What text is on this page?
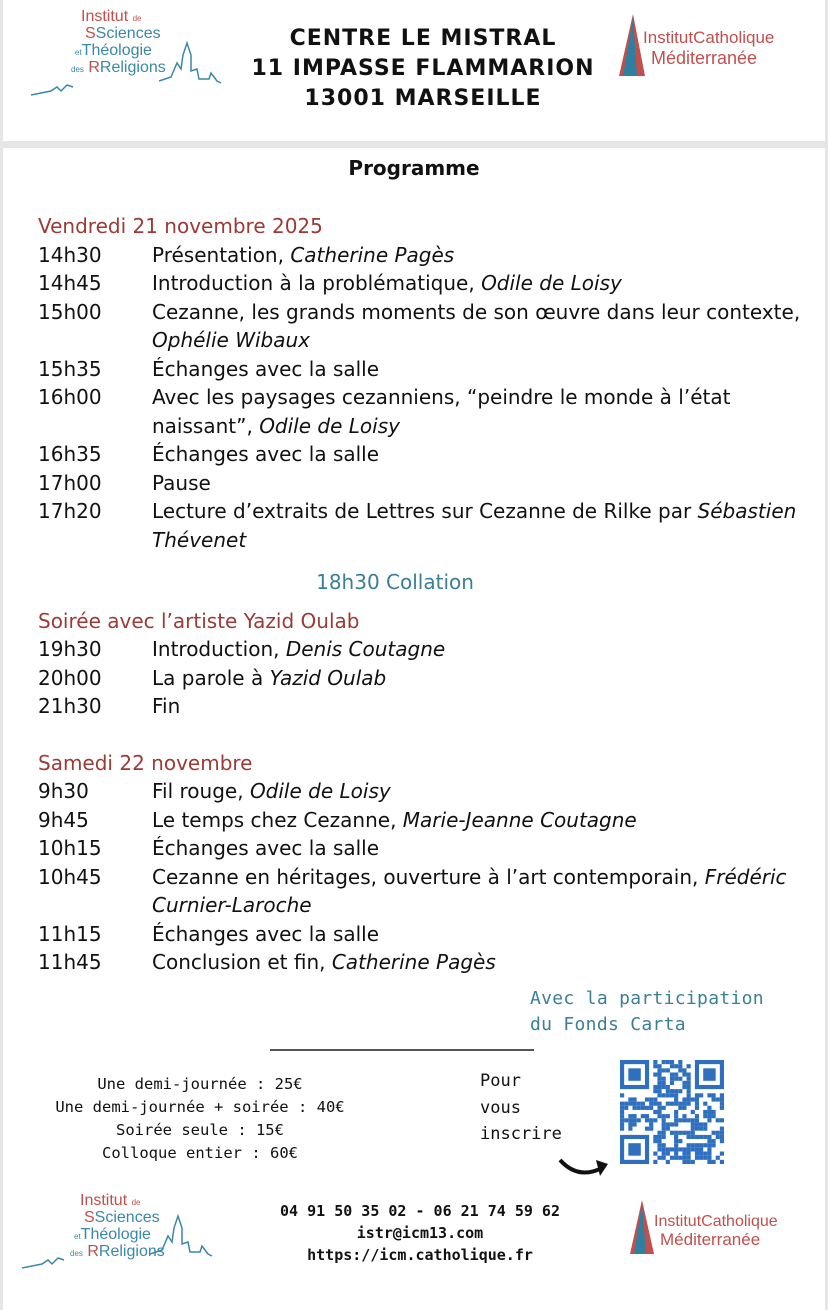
Institut de
SSciences
etThéologie
des RReligions
CENTRE LE MISTRAL
11 IMPASSE FLAMMARION
13001 MARSEILLE
InstitutCatholique
Méditerranée
Programme
Vendredi 21 novembre 2025
14h30	Présentation, Catherine Pagès
14h45	Introduction à la problématique, Odile de Loisy
15h00	Cezanne, les grands moments de son œuvre dans leur contexte, Ophélie Wibaux
15h35	Échanges avec la salle
16h00	Avec les paysages cezanniens, “peindre le monde à l’état naissant”, Odile de Loisy
16h35	Échanges avec la salle
17h00	Pause
17h20	Lecture d’extraits de Lettres sur Cezanne de Rilke par Sébastien Thévenet
18h30 Collation
Soirée avec l’artiste Yazid Oulab
19h30	Introduction, Denis Coutagne
20h00	La parole à Yazid Oulab
21h30	Fin
Samedi 22 novembre
9h30	Fil rouge, Odile de Loisy
9h45	Le temps chez Cezanne, Marie-Jeanne Coutagne
10h15	Échanges avec la salle
10h45	Cezanne en héritages, ouverture à l’art contemporain, Frédéric Curnier-Laroche
11h15	Échanges avec la salle
11h45	Conclusion et fin, Catherine Pagès
Avec la participation
du Fonds Carta
Une demi-journée : 25€
Une demi-journée + soirée : 40€
Soirée seule : 15€
Colloque entier : 60€
Pour
vous
inscrire
Institut de
SSciences
etThéologie
des RReligions
04 91 50 35 02 - 06 21 74 59 62
istr@icm13.com
https://icm.catholique.fr
InstitutCatholique
Méditerranée
